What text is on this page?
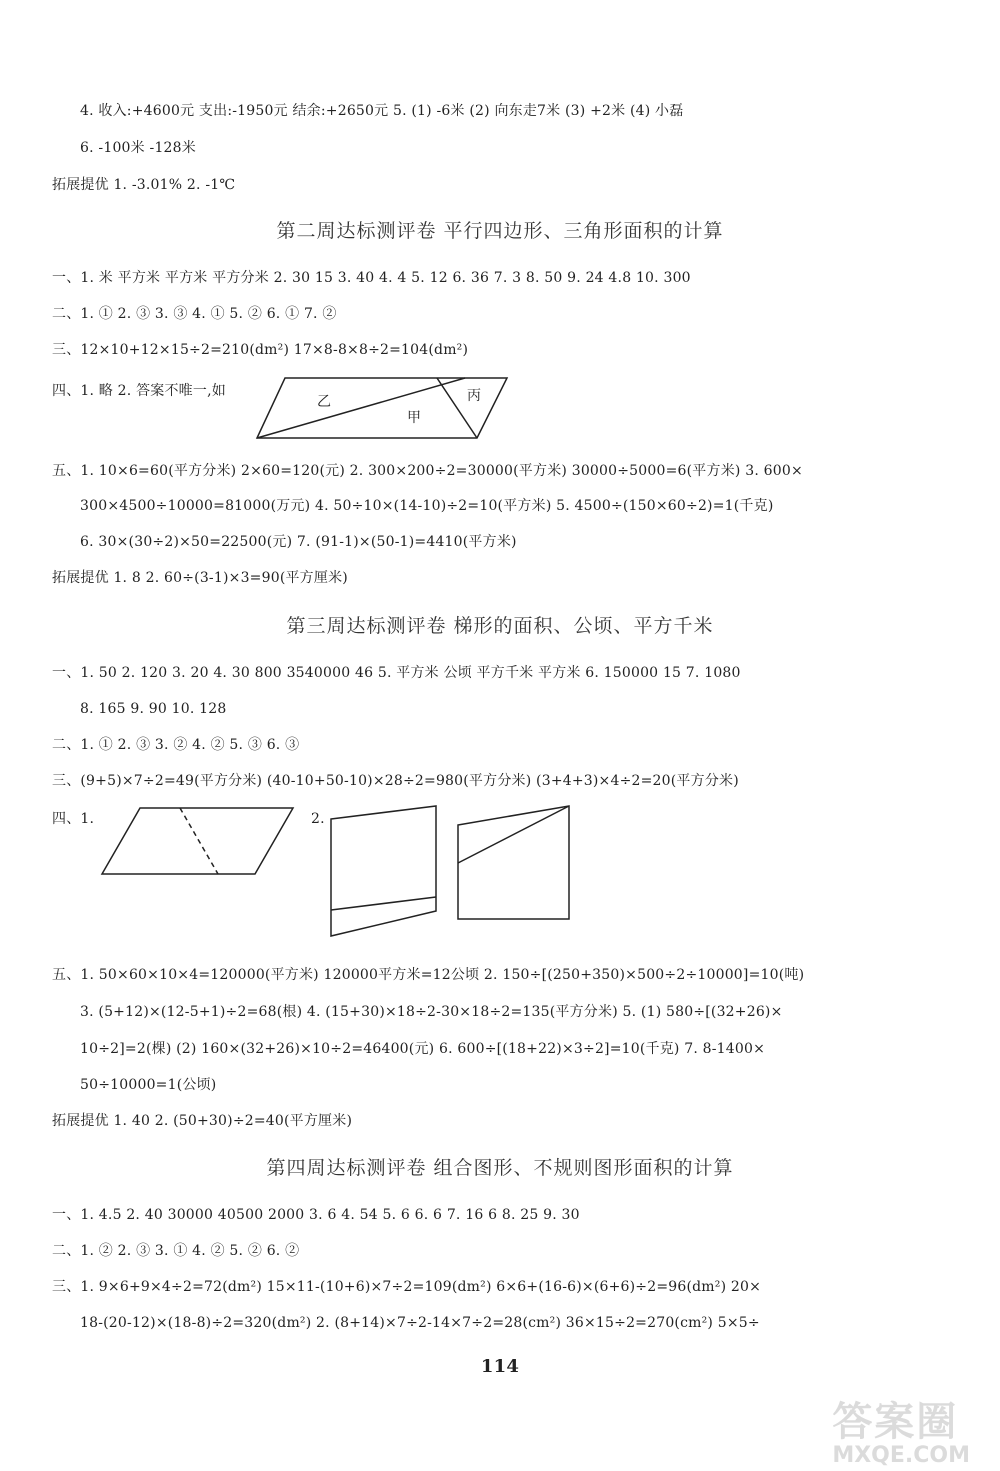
4. 收入:+4600元 支出:-1950元 结余:+2650元 5. (1) -6米 (2) 向东走7米 (3) +2米 (4) 小磊
6. -100米 -128米
拓展提优 1. -3.01% 2. -1℃
第二周达标测评卷 平行四边形、三角形面积的计算
一、1. 米 平方米 平方米 平方分米 2. 30 15 3. 40 4. 4 5. 12 6. 36 7. 3 8. 50 9. 24 4.8 10. 300
二、1. ① 2. ③ 3. ③ 4. ① 5. ② 6. ① 7. ②
三、12×10+12×15÷2=210(dm²) 17×8-8×8÷2=104(dm²)
四、1. 略 2. 答案不唯一,如
乙
甲
丙
五、1. 10×6=60(平方分米) 2×60=120(元) 2. 300×200÷2=30000(平方米) 30000÷5000=6(平方米) 3. 600×
300×4500÷10000=81000(万元) 4. 50÷10×(14-10)÷2=10(平方米) 5. 4500÷(150×60÷2)=1(千克)
6. 30×(30÷2)×50=22500(元) 7. (91-1)×(50-1)=4410(平方米)
拓展提优 1. 8 2. 60÷(3-1)×3=90(平方厘米)
第三周达标测评卷 梯形的面积、公顷、平方千米
一、1. 50 2. 120 3. 20 4. 30 800 3540000 46 5. 平方米 公顷 平方千米 平方米 6. 150000 15 7. 1080
8. 165 9. 90 10. 128
二、1. ① 2. ③ 3. ② 4. ② 5. ③ 6. ③
三、(9+5)×7÷2=49(平方分米) (40-10+50-10)×28÷2=980(平方分米) (3+4+3)×4÷2=20(平方分米)
四、1.	2.
五、1. 50×60×10×4=120000(平方米) 120000平方米=12公顷 2. 150÷[(250+350)×500÷2÷10000]=10(吨)
3. (5+12)×(12-5+1)÷2=68(根) 4. (15+30)×18÷2-30×18÷2=135(平方分米) 5. (1) 580÷[(32+26)×
10÷2]=2(棵) (2) 160×(32+26)×10÷2=46400(元) 6. 600÷[(18+22)×3÷2]=10(千克) 7. 8-1400×
50÷10000=1(公顷)
拓展提优 1. 40 2. (50+30)÷2=40(平方厘米)
第四周达标测评卷 组合图形、不规则图形面积的计算
一、1. 4.5 2. 40 30000 40500 2000 3. 6 4. 54 5. 6 6. 6 7. 16 6 8. 25 9. 30
二、1. ② 2. ③ 3. ① 4. ② 5. ② 6. ②
三、1. 9×6+9×4÷2=72(dm²) 15×11-(10+6)×7÷2=109(dm²) 6×6+(16-6)×(6+6)÷2=96(dm²) 20×
18-(20-12)×(18-8)÷2=320(dm²) 2. (8+14)×7÷2-14×7÷2=28(cm²) 36×15÷2=270(cm²) 5×5÷
114
答案圈
MXQE.COM
